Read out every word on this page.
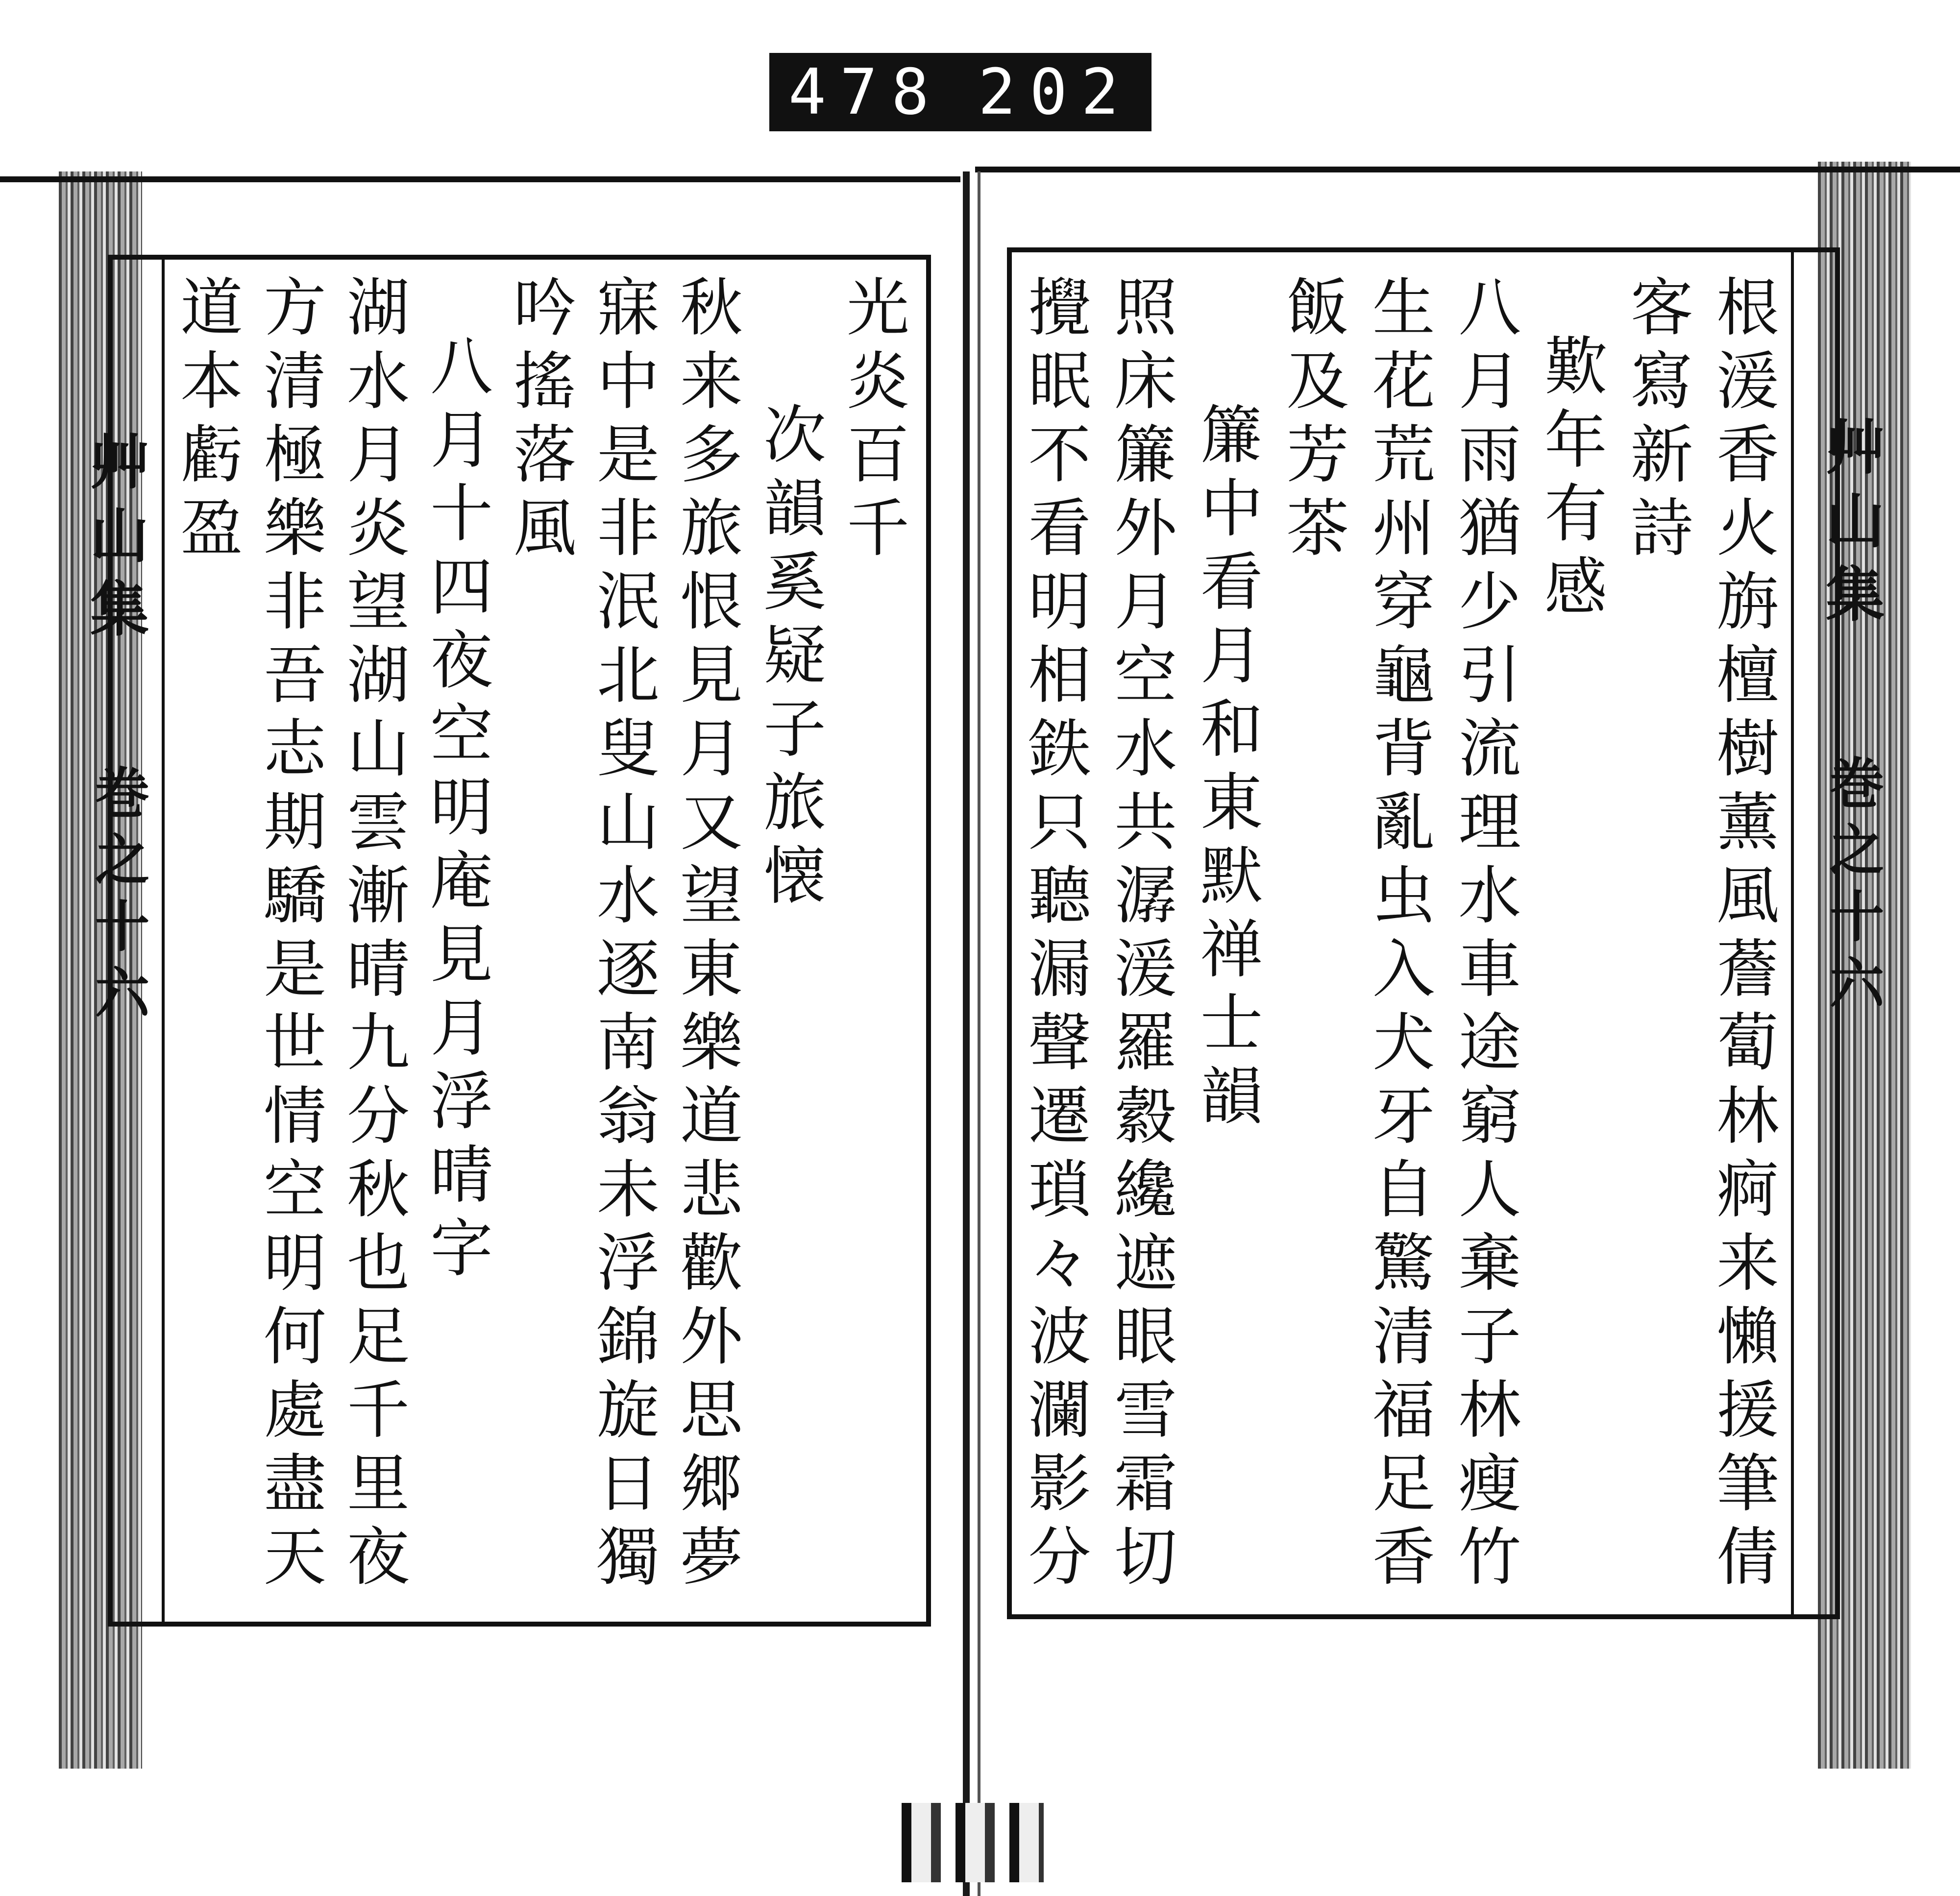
478 202
艸山集
巻之十六
艸山集
巻之十六
根湲香火旃檀樹薰風薝蔔林痾来懶援筆倩
客寫新詩
歎年有感
八月雨猶少引流理水車途窮人棄子林瘦竹
生花荒州穿龜背亂虫入犬牙自驚清福足香
飯及芳茶
簾中看月和東默禅士韻
照床簾外月空水共潺湲羅縠纔遮眼雪霜切
攪眠不看明相鉄只聽漏聲遷瑣々波瀾影分
光炎百千
次韻奚疑子旅懐
秋来多旅恨見月又望東樂道悲歡外思郷夢
寐中是非泯北叟山水逐南翁未浮錦旋日獨
吟搖落風
八月十四夜空明庵見月浮晴字
湖水月炎望湖山雲漸晴九分秋也足千里夜
方清極樂非吾志期驕是世情空明何處盡天
道本虧盈
